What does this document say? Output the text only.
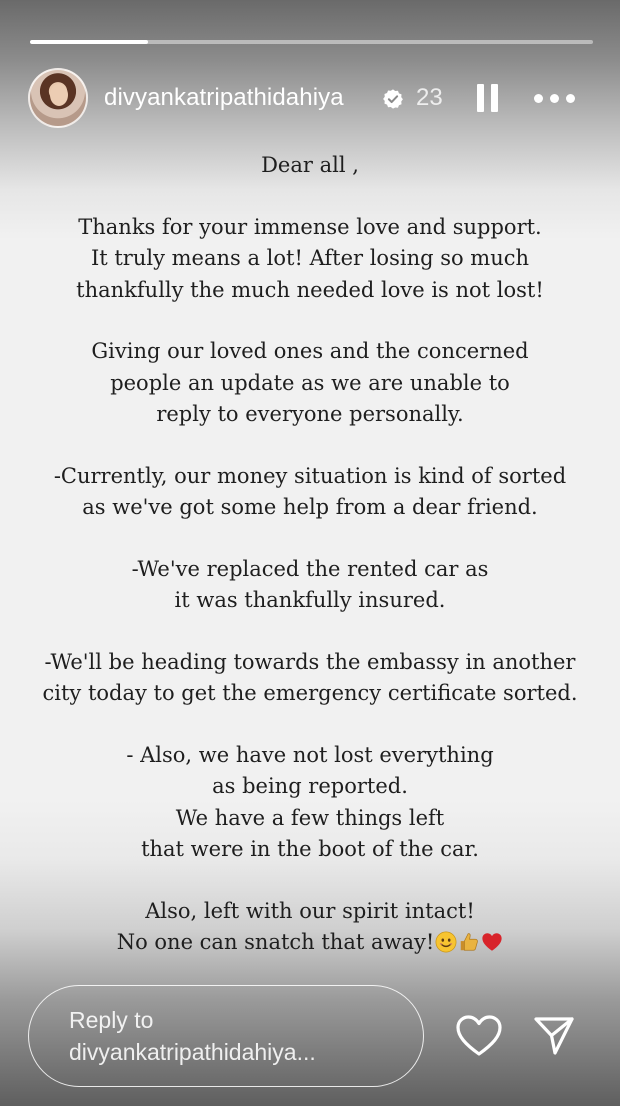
divyankatripathidahiya	23
Dear all ,
Thanks for your immense love and support.
It truly means a lot! After losing so much
thankfully the much needed love is not lost!
Giving our loved ones and the concerned
people an update as we are unable to
reply to everyone personally.
-Currently, our money situation is kind of sorted
as we've got some help from a dear friend.
-We've replaced the rented car as
it was thankfully insured.
-We'll be heading towards the embassy in another
city today to get the emergency certificate sorted.
- Also, we have not lost everything
as being reported.
We have a few things left
that were in the boot of the car.
Also, left with our spirit intact!
No one can snatch that away!
Reply to
divyankatripathidahiya...
